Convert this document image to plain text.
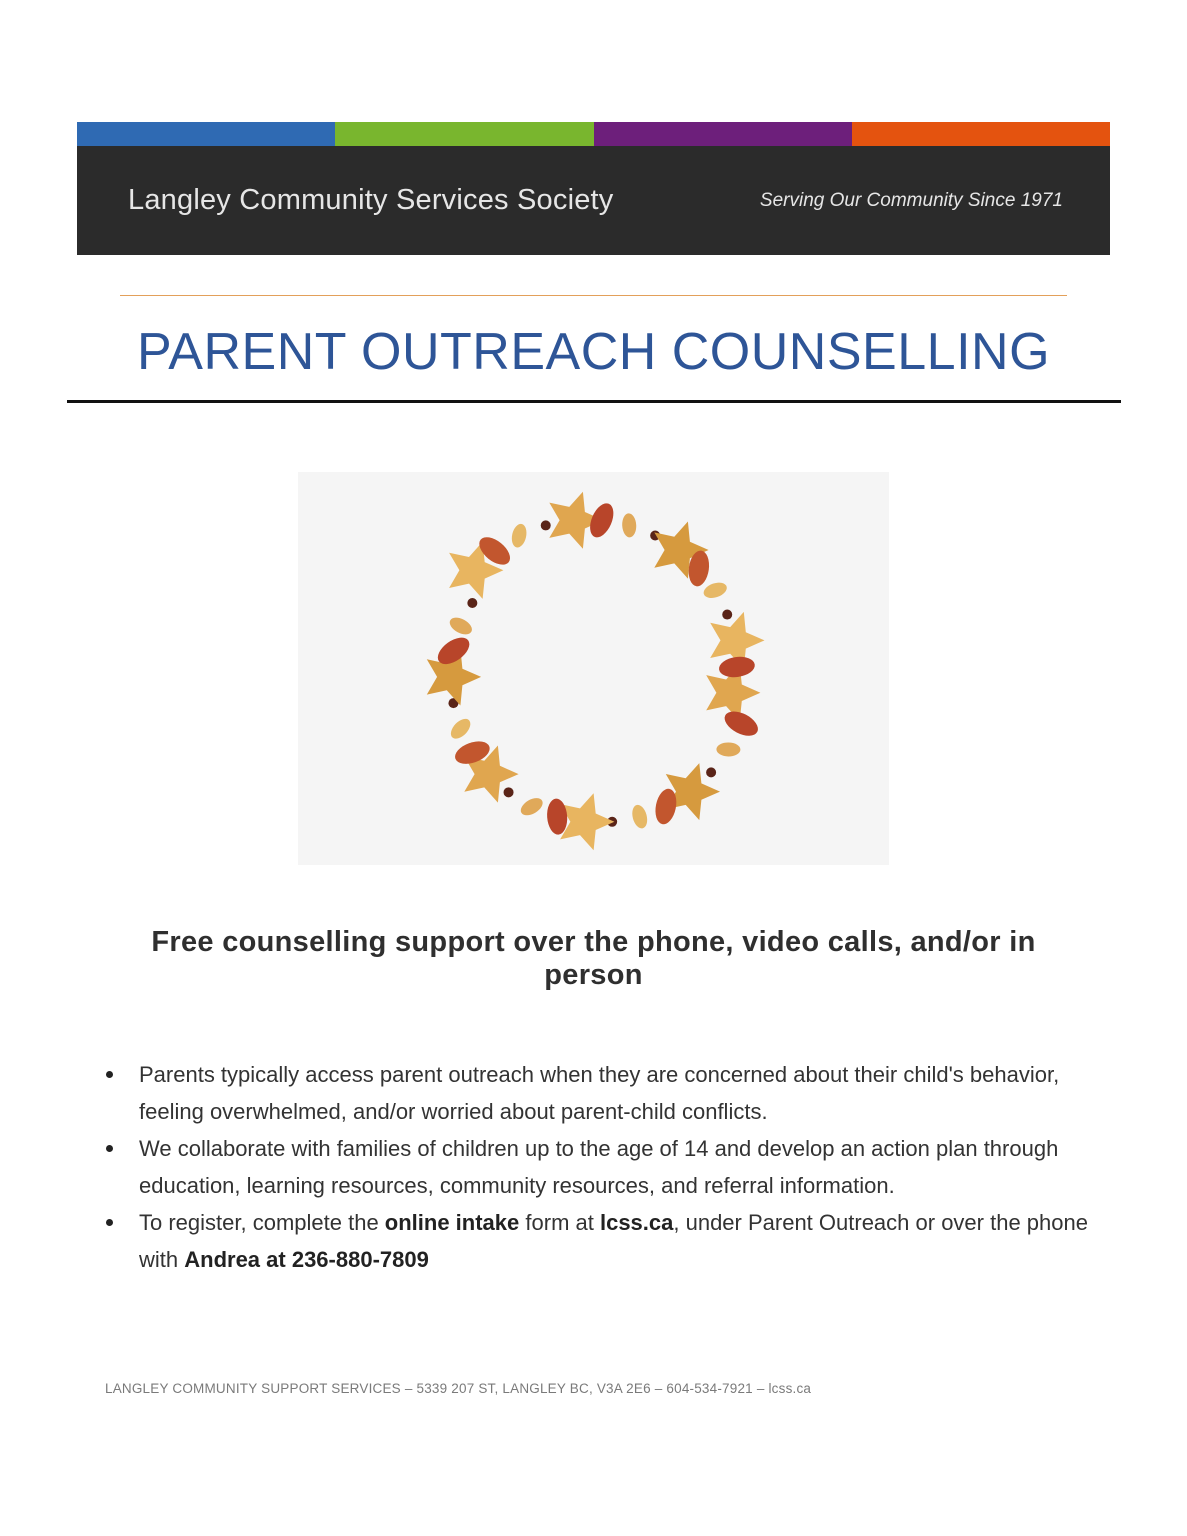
Langley Community Services Society	Serving Our Community Since 1971
PARENT OUTREACH COUNSELLING
Free counselling support over the phone, video calls, and/or in person
Parents typically access parent outreach when they are concerned about their child's behavior, feeling overwhelmed, and/or worried about parent-child conflicts.
We collaborate with families of children up to the age of 14 and develop an action plan through education, learning resources, community resources, and referral information.
To register, complete the online intake form at lcss.ca, under Parent Outreach or over the phone with Andrea at 236-880-7809
LANGLEY COMMUNITY SUPPORT SERVICES – 5339 207 ST, LANGLEY BC, V3A 2E6 – 604-534-7921 – lcss.ca
